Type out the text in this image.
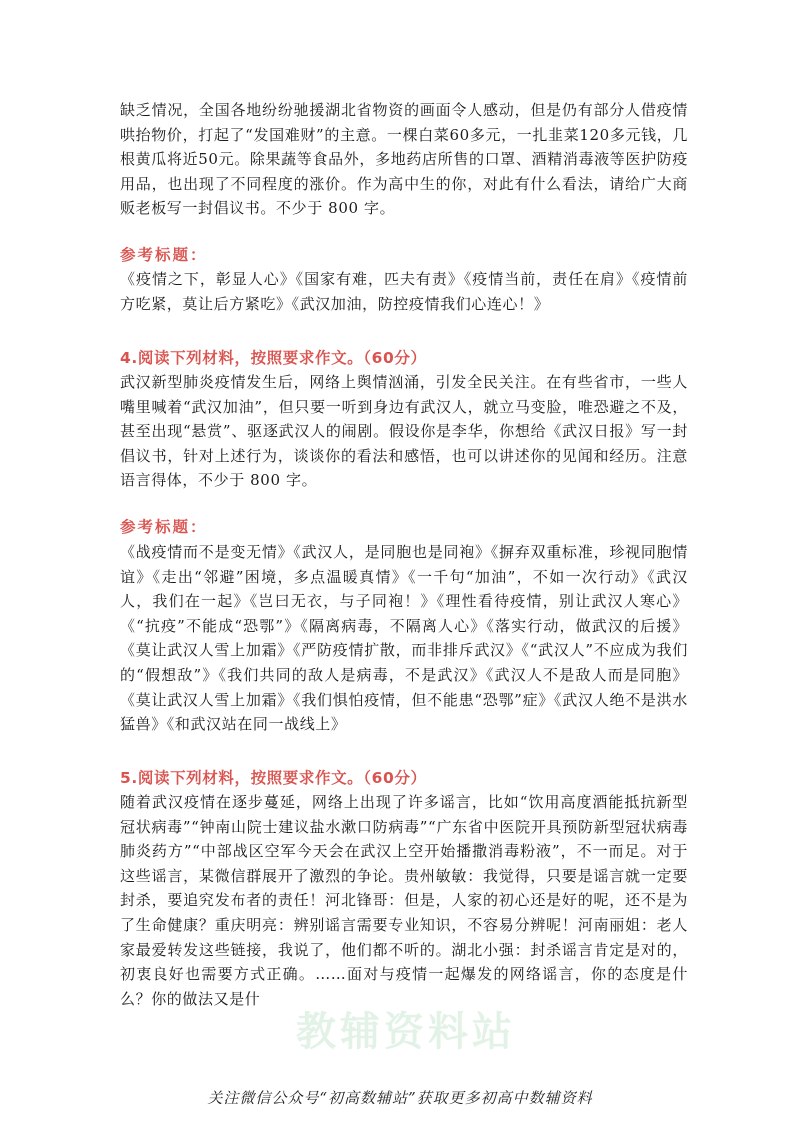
缺乏情况，全国各地纷纷驰援湖北省物资的画面令人感动，但是仍有部分人借疫情哄抬物价，打起了“发国难财”的主意。一棵白菜60多元，一扎韭菜120多元钱，几根黄瓜将近50元。除果蔬等食品外，多地药店所售的口罩、酒精消毒液等医护防疫用品，也出现了不同程度的涨价。作为高中生的你，对此有什么看法，请给广大商贩老板写一封倡议书。不少于 800 字。
参考标题：
《疫情之下，彰显人心》《国家有难，匹夫有责》《疫情当前，责任在肩》《疫情前方吃紧，莫让后方紧吃》《武汉加油，防控疫情我们心连心！》
4.阅读下列材料，按照要求作文。（60分）
武汉新型肺炎疫情发生后，网络上舆情汹涌，引发全民关注。在有些省市，一些人嘴里喊着“武汉加油”，但只要一听到身边有武汉人，就立马变脸，唯恐避之不及，甚至出现“悬赏”、驱逐武汉人的闹剧。假设你是李华，你想给《武汉日报》写一封倡议书，针对上述行为，谈谈你的看法和感悟，也可以讲述你的见闻和经历。注意语言得体，不少于 800 字。
参考标题：
《战疫情而不是变无情》《武汉人，是同胞也是同袍》《摒弃双重标准，珍视同胞情谊》《走出“邻避”困境，多点温暖真情》《一千句“加油”，不如一次行动》《武汉人，我们在一起》《岂曰无衣，与子同袍！》《理性看待疫情，别让武汉人寒心》《“抗疫”不能成“恐鄂”》《隔离病毒，不隔离人心》《落实行动，做武汉的后援》《莫让武汉人雪上加霜》《严防疫情扩散，而非排斥武汉》《“武汉人”不应成为我们的“假想敌”》《我们共同的敌人是病毒，不是武汉》《武汉人不是敌人而是同胞》《莫让武汉人雪上加霜》《我们惧怕疫情，但不能患“恐鄂”症》《武汉人绝不是洪水猛兽》《和武汉站在同一战线上》
5.阅读下列材料，按照要求作文。（60分）
随着武汉疫情在逐步蔓延，网络上出现了许多谣言，比如“饮用高度酒能抵抗新型冠状病毒”“钟南山院士建议盐水漱口防病毒”“广东省中医院开具预防新型冠状病毒肺炎药方”“中部战区空军今天会在武汉上空开始播撒消毒粉液”，不一而足。对于这些谣言，某微信群展开了激烈的争论。贵州敏敏：我觉得，只要是谣言就一定要封杀，要追究发布者的责任！河北锋哥：但是，人家的初心还是好的呢，还不是为了生命健康？重庆明亮：辨别谣言需要专业知识，不容易分辨呢！河南丽姐：老人家最爱转发这些链接，我说了，他们都不听的。湖北小强：封杀谣言肯定是对的，初衷良好也需要方式正确。……面对与疫情一起爆发的网络谣言，你的态度是什么？你的做法又是什
教辅资料站
关注微信公众号“初高数辅站”获取更多初高中数辅资料
